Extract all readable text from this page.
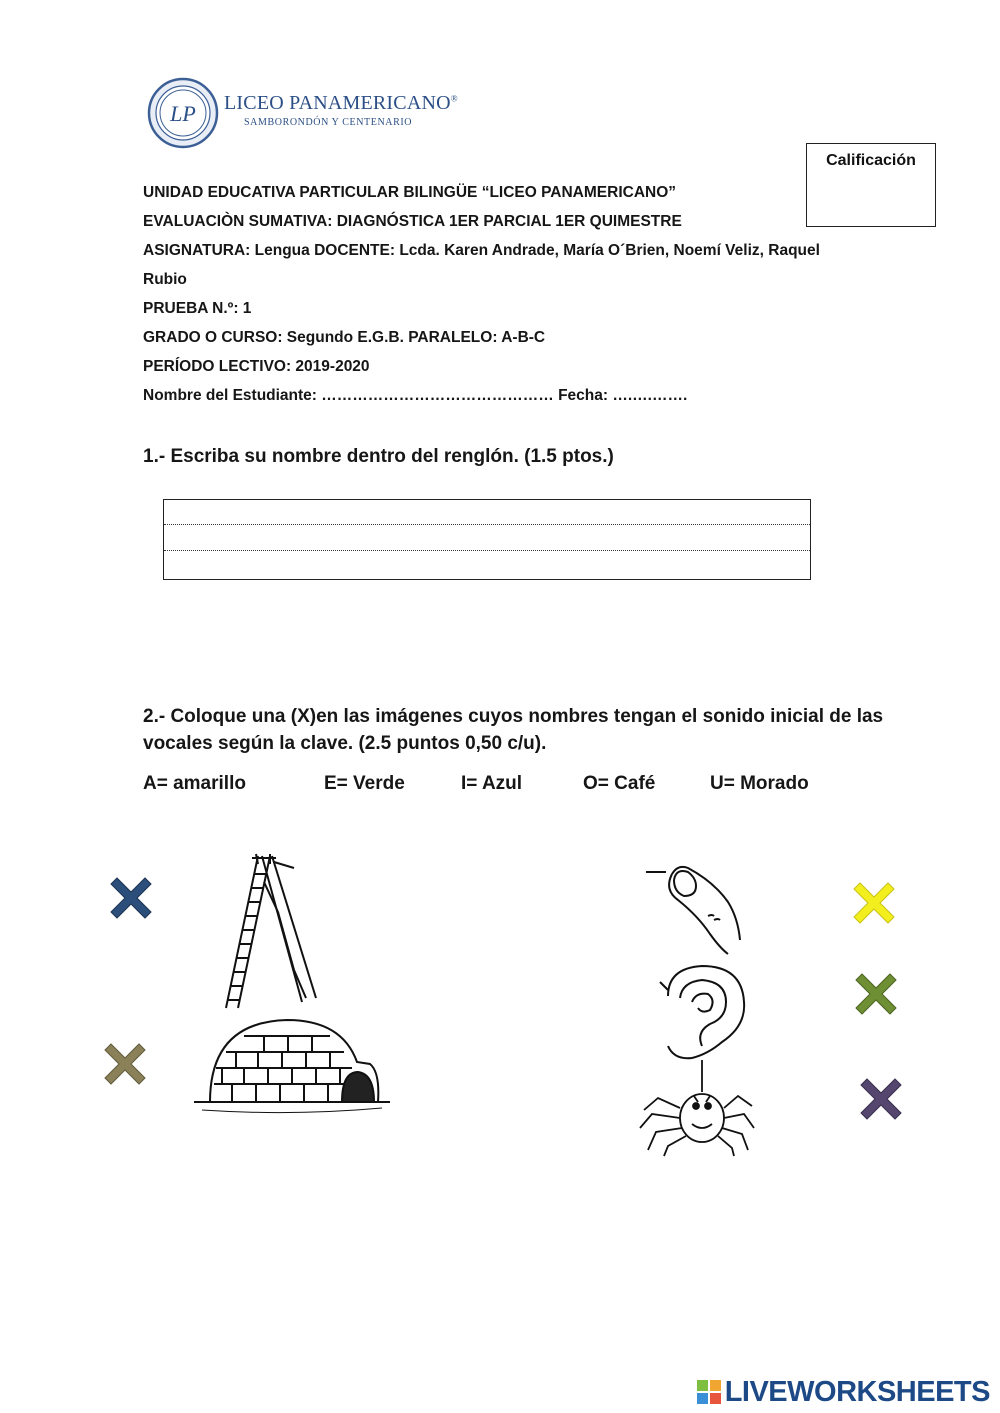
LP LICEO PANAMERICANO®
SAMBORONDÓN Y CENTENARIO
Calificación
UNIDAD EDUCATIVA PARTICULAR BILINGÜE “LICEO PANAMERICANO”
EVALUACIÒN SUMATIVA: DIAGNÓSTICA 1ER PARCIAL 1ER QUIMESTRE
ASIGNATURA: Lengua DOCENTE: Lcda. Karen Andrade, María O´Brien, Noemí Veliz, Raquel
Rubio
PRUEBA N.º: 1
GRADO O CURSO: Segundo E.G.B. PARALELO: A-B-C
PERÍODO LECTIVO: 2019-2020
Nombre del Estudiante: ……………………………………… Fecha: ….….…….
1.- Escriba su nombre dentro del renglón. (1.5 ptos.)
2.- Coloque una (X)en las imágenes cuyos nombres tengan el sonido inicial de las vocales según la clave. (2.5 puntos 0,50 c/u).
A= amarillo	E= Verde	I= Azul	O= Café	U= Morado
LIVEWORKSHEETS
